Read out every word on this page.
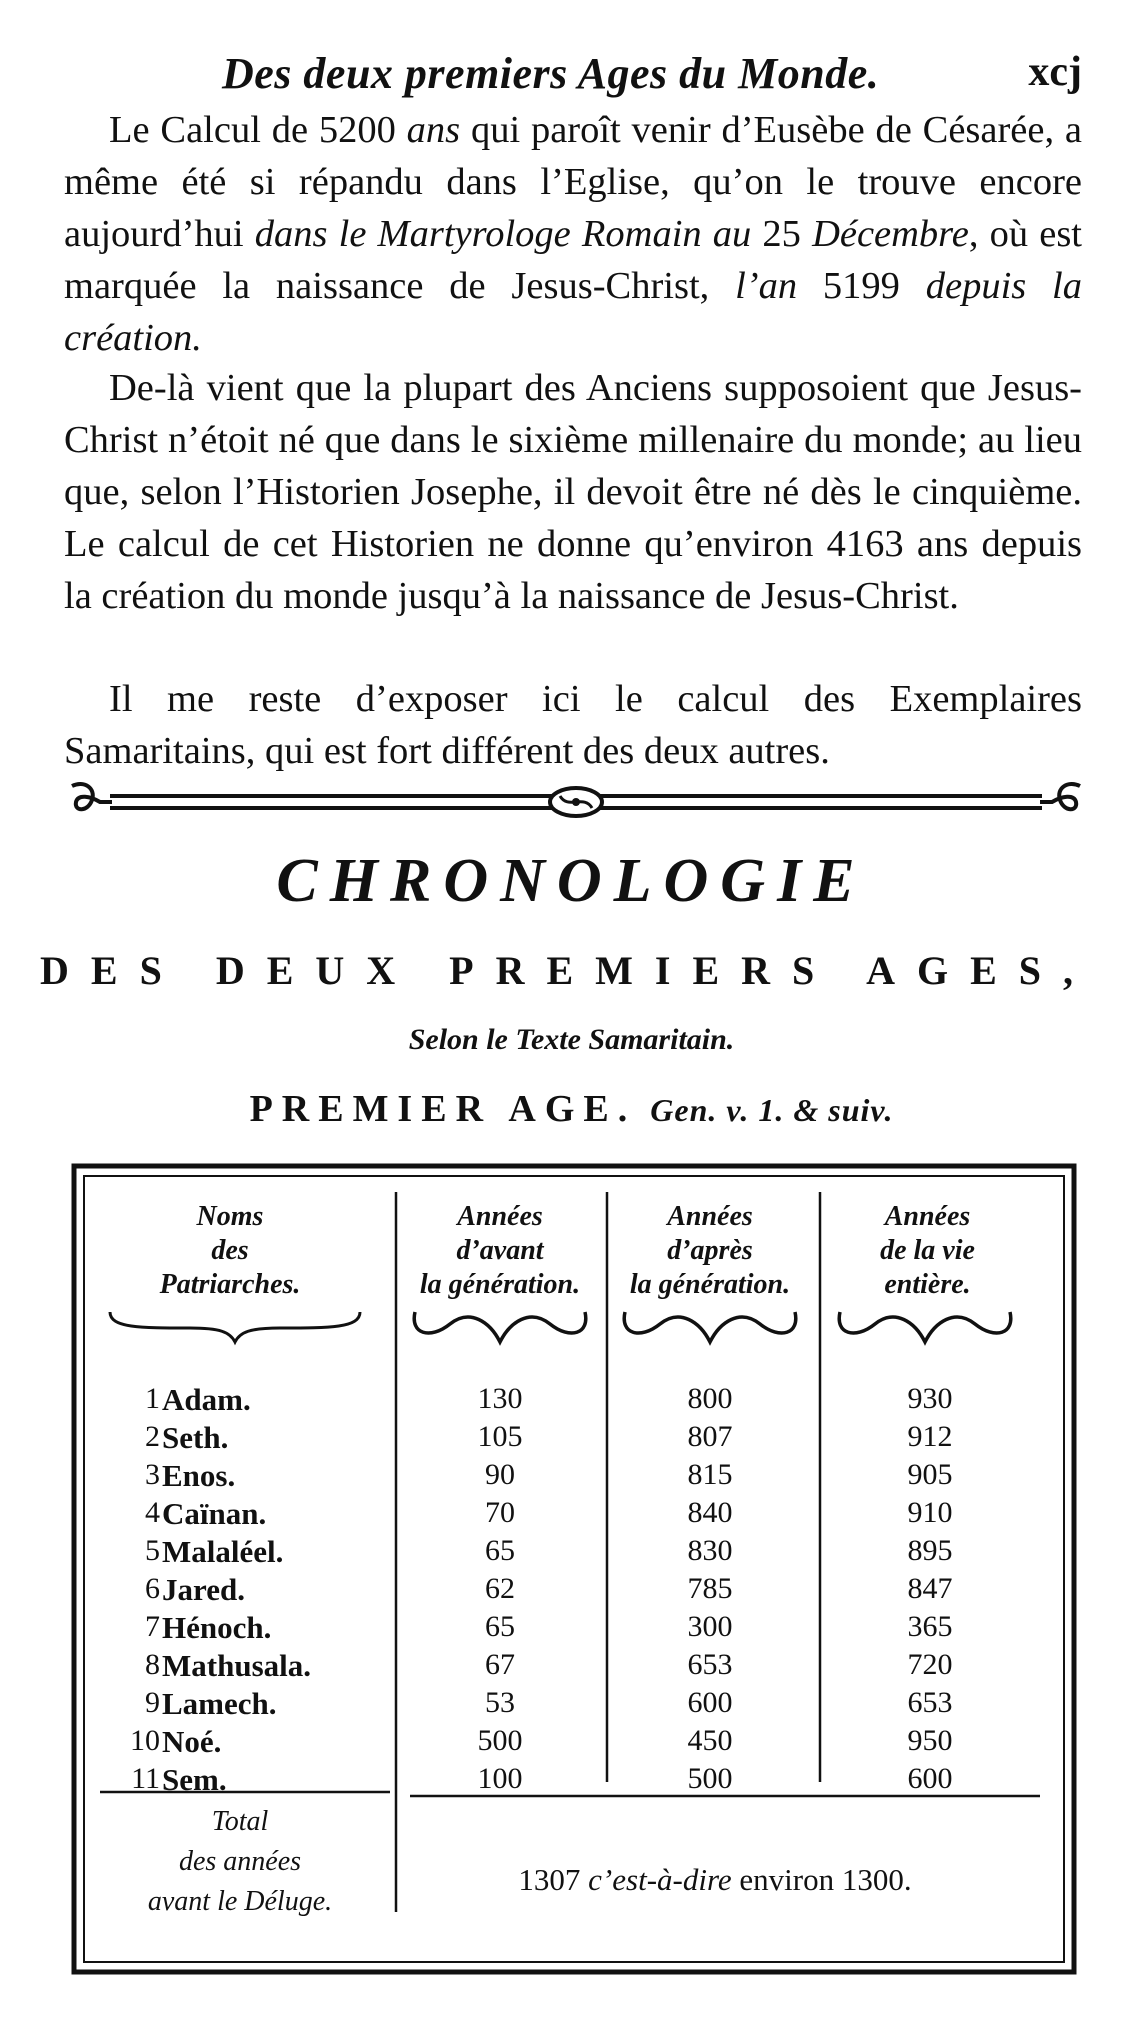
Des deux premiers Ages du Monde.	xcj

Le Calcul de 5200 ans qui paroît venir d’Eusèbe de Césarée, a même été si répandu dans l’Eglise, qu’on le trouve encore aujourd’hui dans le Martyrologe Romain au 25 Décembre, où est marquée la naissance de Jesus-Christ, l’an 5199 depuis la création.

De-là vient que la plupart des Anciens supposoient que Jesus-Christ n’étoit né que dans le sixième millenaire du monde; au lieu que, selon l’Historien Josephe, il devoit être né dès le cinquième. Le calcul de cet Historien ne donne qu’environ 4163 ans depuis la création du monde jusqu’à la naissance de Jesus-Christ.

Il me reste d’exposer ici le calcul des Exemplaires Samaritains, qui est fort différent des deux autres.

CHRONOLOGIE
DES DEUX PREMIERS AGES,
Selon le Texte Samaritain.
PREMIER AGE. Gen. v. 1. & suiv.
Noms
des
Patriarches.
Années
d’avant
la génération.
Années
d’après
la génération.
Années
de la vie
entière.
1 Adam.	130	800	930
2 Seth.	105	807	912
3 Enos.	90	815	905
4 Caïnan.	70	840	910
5 Malaléel.	65	830	895
6 Jared.	62	785	847
7 Hénoch.	65	300	365
8 Mathusala.	67	653	720
9 Lamech.	53	600	653
10 Noé.	500	450	950
11 Sem.	100	500	600
Total
des années
avant le Déluge.
1307 c’est-à-dire environ 1300.
